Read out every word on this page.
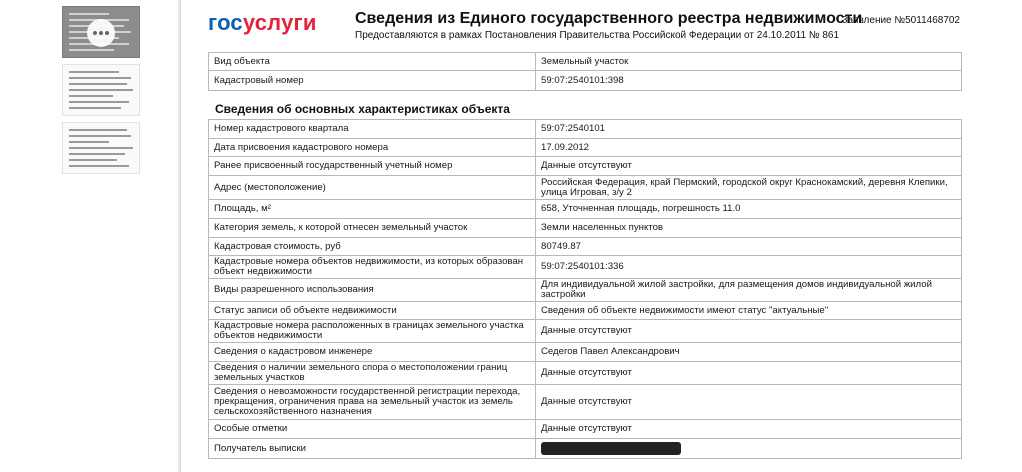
госуслуги Сведения из Единого государственного реестра недвижимости
Предоставляются в рамках Постановления Правительства Российской Федерации от 24.10.2011 № 861
Заявление №5011468702
Вид объекта	Земельный участок
Кадастровый номер	59:07:2540101:398
Сведения об основных характеристиках объекта
Номер кадастрового квартала	59:07:2540101
Дата присвоения кадастрового номера	17.09.2012
Ранее присвоенный государственный учетный номер	Данные отсутствуют
Адрес (местоположение)	Российская Федерация, край Пермский, городской округ Краснокамский, деревня Клепики, улица Игровая, з/у 2
Площадь, м²	658, Уточненная площадь, погрешность 11.0
Категория земель, к которой отнесен земельный участок	Земли населенных пунктов
Кадастровая стоимость, руб	80749.87
Кадастровые номера объектов недвижимости, из которых образован объект недвижимости	59:07:2540101:336
Виды разрешенного использования	Для индивидуальной жилой застройки, для размещения домов индивидуальной жилой застройки
Статус записи об объекте недвижимости	Сведения об объекте недвижимости имеют статус "актуальные"
Кадастровые номера расположенных в границах земельного участка объектов недвижимости	Данные отсутствуют
Сведения о кадастровом инженере	Седегов Павел Александрович
Сведения о наличии земельного спора о местоположении границ земельных участков	Данные отсутствуют
Сведения о невозможности государственной регистрации перехода, прекращения, ограничения права на земельный участок из земель сельскохозяйственного назначения	Данные отсутствуют
Особые отметки	Данные отсутствуют
Получатель выписки	
